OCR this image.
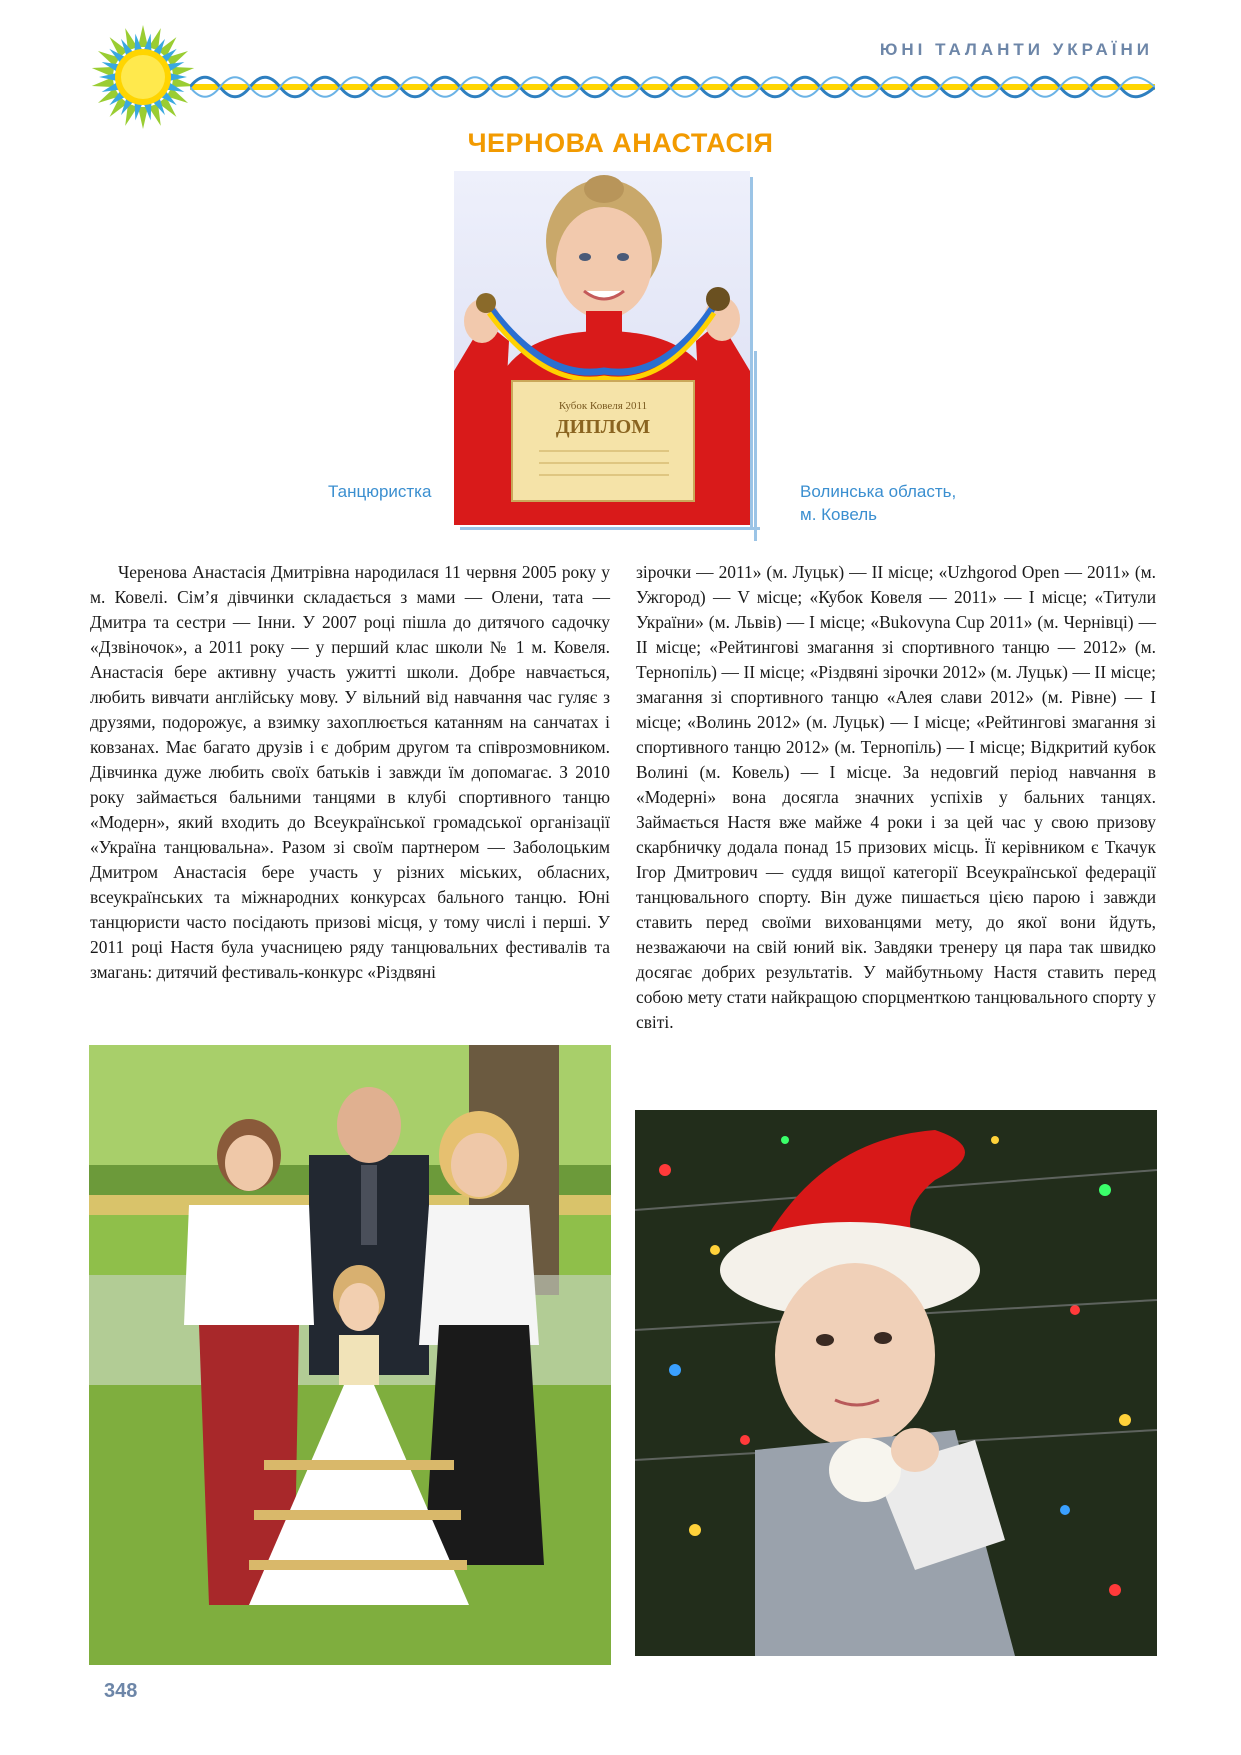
ЮНІ ТАЛАНТИ УКРАЇНИ
ЧЕРНОВА АНАСТАСІЯ
Кубок Ковеля 2011
ДИПЛОМ
Танцюристка	Волинська область,
м. Ковель
Черенова Анастасія Дмитрівна народилася 11 червня 2005 року у м. Ковелі. Сім’я дівчинки складається з мами — Олени, тата — Дмитра та сестри — Інни. У 2007 році пішла до дитячого садочку «Дзвіночок», а 2011 року — у перший клас школи № 1 м. Ковеля. Анастасія бере активну участь ужитті школи. Добре навчається, любить вивчати англійську мову. У вільний від навчання час гуляє з друзями, подорожує, а взимку захоплюється катанням на санчатах і ковзанах. Має багато друзів і є добрим другом та співрозмовником. Дівчинка дуже любить своїх батьків і завжди їм допомагає. З 2010 року займається бальними танцями в клубі спортивного танцю «Модерн», який входить до Всеукраїнської громадської організації «Україна танцювальна». Разом зі своїм партнером — Заболоцьким Дмитром Анастасія бере участь у різних міських, обласних, всеукраїнських та міжнародних конкурсах бального танцю. Юні танцюристи часто посідають призові місця, у тому числі і перші. У 2011 році Настя була учасницею ряду танцювальних фестивалів та змагань: дитячий фестиваль-конкурс «Різдвяні
зірочки — 2011» (м. Луцьк) — II місце; «Uzhgorod Open — 2011» (м. Ужгород) — V місце; «Кубок Ковеля — 2011» — I місце; «Титули України» (м. Львів) — I місце; «Bukovyna Cup 2011» (м. Чернівці) — II місце; «Рейтингові змагання зі спортивного танцю — 2012» (м. Тернопіль) — II місце; «Різдвяні зірочки 2012» (м. Луцьк) — II місце; змагання зі спортивного танцю «Алея слави 2012» (м. Рівне) — I місце; «Волинь 2012» (м. Луцьк) — I місце; «Рейтингові змагання зі спортивного танцю 2012» (м. Тернопіль) — I місце; Відкритий кубок Волині (м. Ковель) — I місце. За недовгий період навчання в «Модерні» вона досягла значних успіхів у бальних танцях. Займається Настя вже майже 4 роки і за цей час у свою призову скарбничку додала понад 15 призових місць. Її керівником є Ткачук Ігор Дмитрович — суддя вищої категорії Всеукраїнської федерації танцювального спорту. Він дуже пишається цією парою і завжди ставить перед своїми вихованцями мету, до якої вони йдуть, незважаючи на свій юний вік. Завдяки тренеру ця пара так швидко досягає добрих результатів. У майбутньому Настя ставить перед собою мету стати найкращою спорцменткою танцювального спорту у світі.
348
